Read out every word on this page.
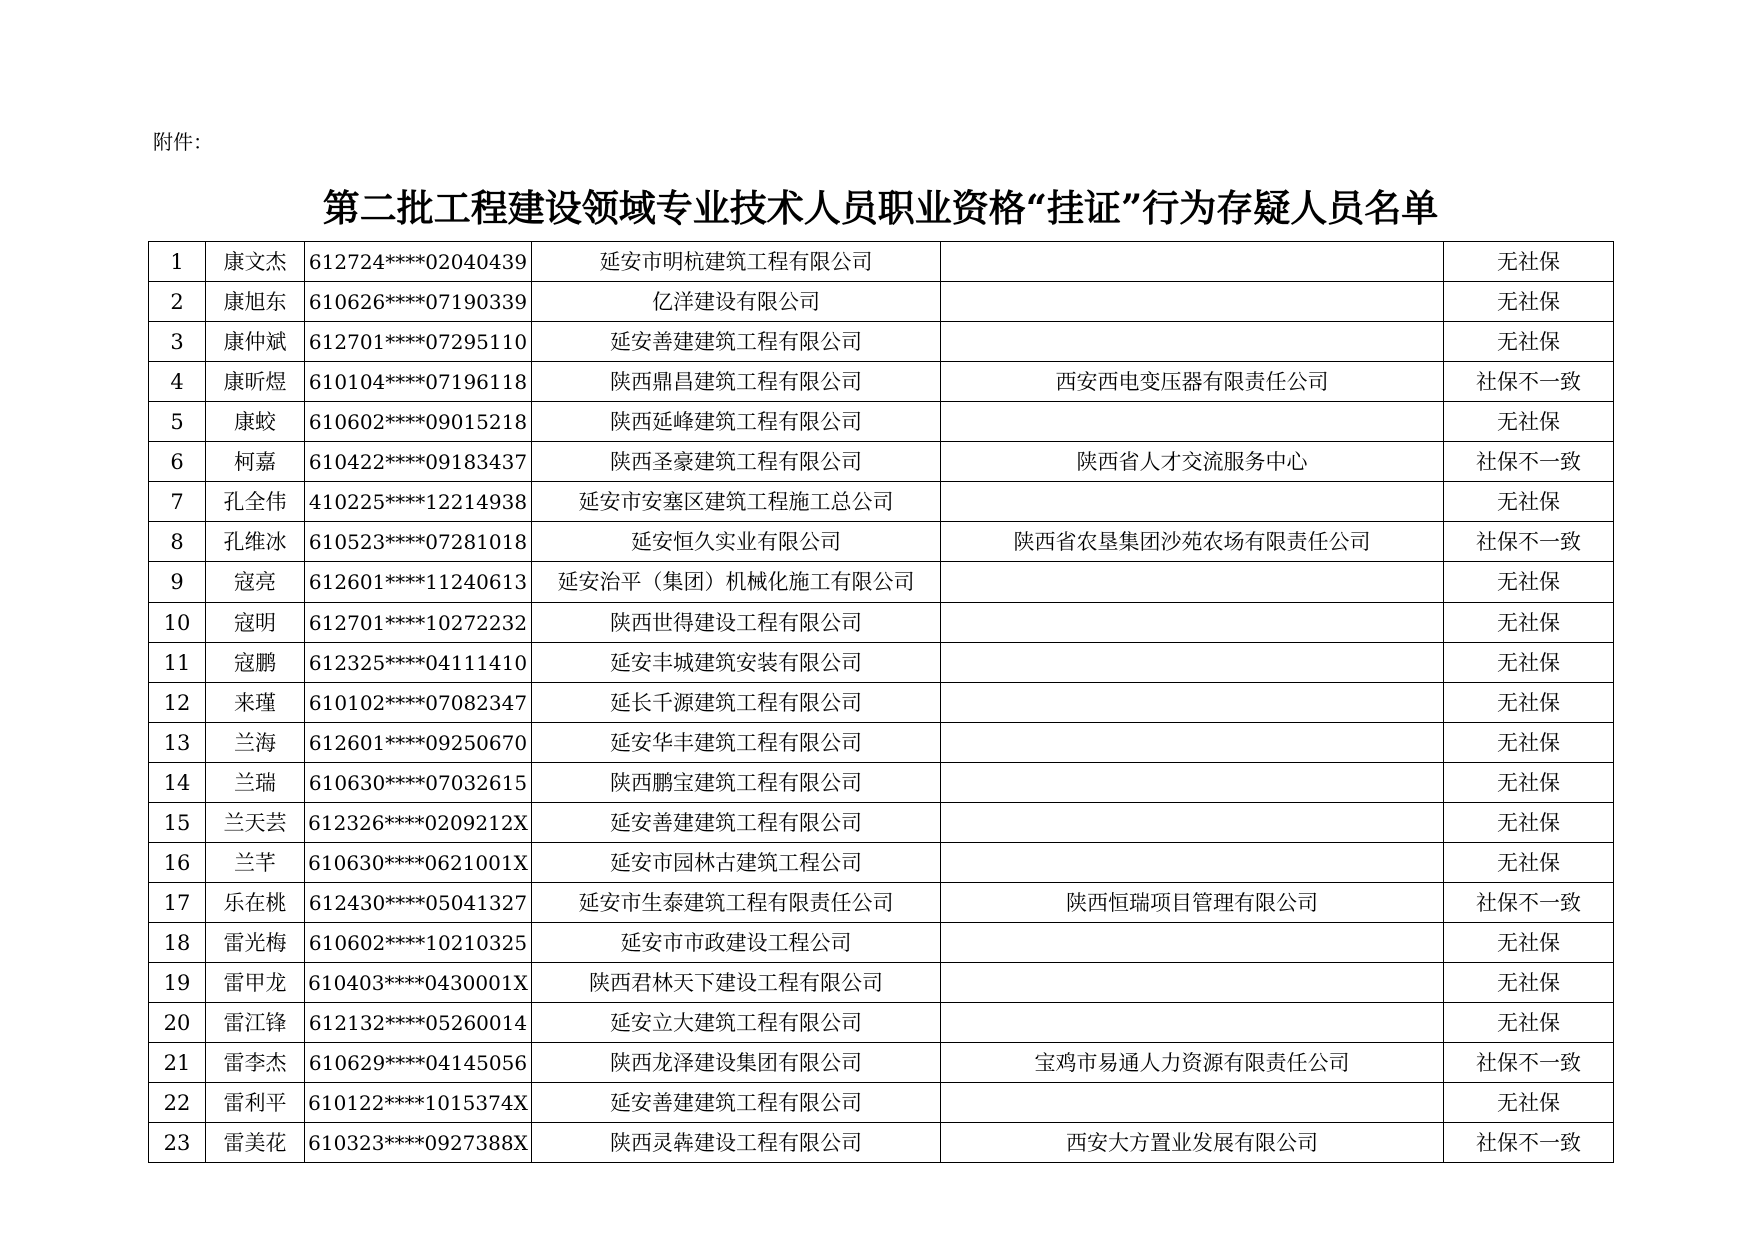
附件：
第二批工程建设领域专业技术人员职业资格“挂证”行为存疑人员名单
1	康文杰	612724****02040439	延安市明杭建筑工程有限公司		无社保
2	康旭东	610626****07190339	亿洋建设有限公司		无社保
3	康仲斌	612701****07295110	延安善建建筑工程有限公司		无社保
4	康昕煜	610104****07196118	陕西鼎昌建筑工程有限公司	西安西电变压器有限责任公司	社保不一致
5	康蛟	610602****09015218	陕西延峰建筑工程有限公司		无社保
6	柯嘉	610422****09183437	陕西圣豪建筑工程有限公司	陕西省人才交流服务中心	社保不一致
7	孔全伟	410225****12214938	延安市安塞区建筑工程施工总公司		无社保
8	孔维冰	610523****07281018	延安恒久实业有限公司	陕西省农垦集团沙苑农场有限责任公司	社保不一致
9	寇亮	612601****11240613	延安治平（集团）机械化施工有限公司		无社保
10	寇明	612701****10272232	陕西世得建设工程有限公司		无社保
11	寇鹏	612325****04111410	延安丰城建筑安装有限公司		无社保
12	来瑾	610102****07082347	延长千源建筑工程有限公司		无社保
13	兰海	612601****09250670	延安华丰建筑工程有限公司		无社保
14	兰瑞	610630****07032615	陕西鹏宝建筑工程有限公司		无社保
15	兰天芸	612326****0209212X	延安善建建筑工程有限公司		无社保
16	兰芊	610630****0621001X	延安市园林古建筑工程公司		无社保
17	乐在桃	612430****05041327	延安市生泰建筑工程有限责任公司	陕西恒瑞项目管理有限公司	社保不一致
18	雷光梅	610602****10210325	延安市市政建设工程公司		无社保
19	雷甲龙	610403****0430001X	陕西君林天下建设工程有限公司		无社保
20	雷江锋	612132****05260014	延安立大建筑工程有限公司		无社保
21	雷李杰	610629****04145056	陕西龙泽建设集团有限公司	宝鸡市易通人力资源有限责任公司	社保不一致
22	雷利平	610122****1015374X	延安善建建筑工程有限公司		无社保
23	雷美花	610323****0927388X	陕西灵犇建设工程有限公司	西安大方置业发展有限公司	社保不一致
